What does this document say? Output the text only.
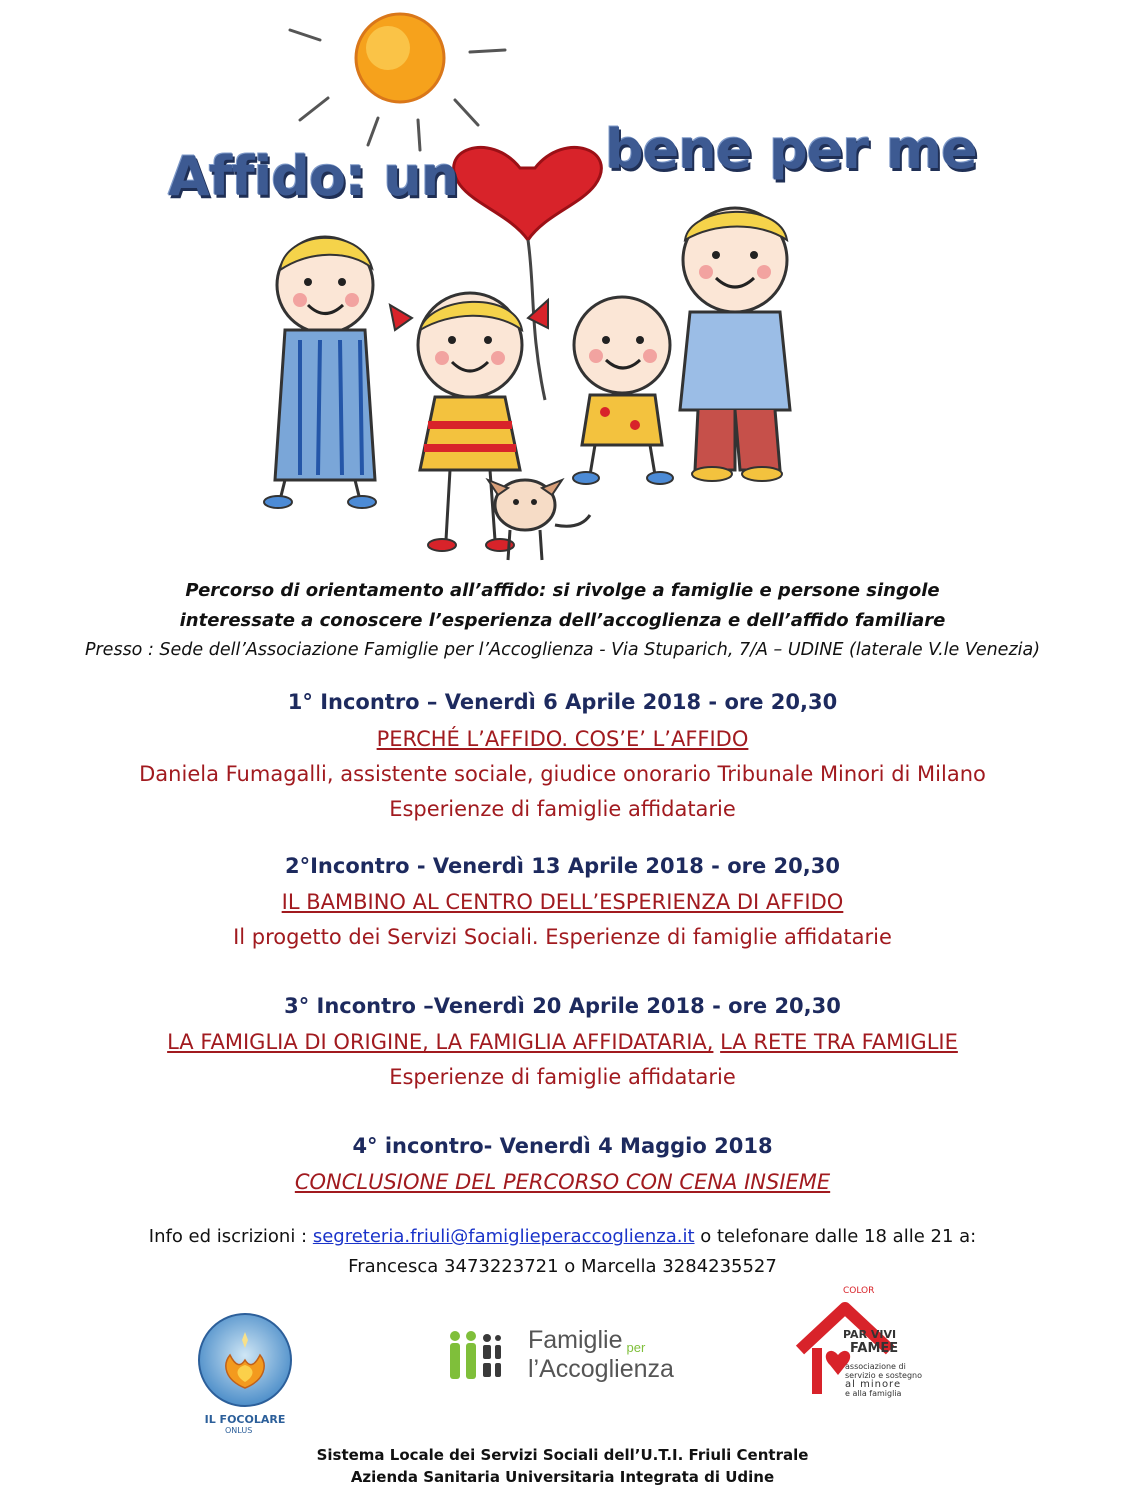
Affido: un	bene per me
Percorso di orientamento all’affido: si rivolge a famiglie e persone singole
interessate a conoscere l’esperienza dell’accoglienza e dell’affido familiare
Presso : Sede dell’Associazione Famiglie per l’Accoglienza - Via Stuparich, 7/A – UDINE (laterale V.le Venezia)
1° Incontro – Venerdì 6 Aprile 2018 - ore 20,30
PERCHÉ L’AFFIDO. COS’E’ L’AFFIDO
Daniela Fumagalli, assistente sociale, giudice onorario Tribunale Minori di Milano
Esperienze di famiglie affidatarie
2°Incontro - Venerdì 13 Aprile 2018 - ore 20,30
IL BAMBINO AL CENTRO DELL’ESPERIENZA DI AFFIDO
Il progetto dei Servizi Sociali. Esperienze di famiglie affidatarie
3° Incontro –Venerdì 20 Aprile 2018 - ore 20,30
LA FAMIGLIA DI ORIGINE, LA FAMIGLIA AFFIDATARIA, LA RETE TRA FAMIGLIE
Esperienze di famiglie affidatarie
4° incontro- Venerdì 4 Maggio 2018
CONCLUSIONE DEL PERCORSO CON CENA INSIEME
Info ed iscrizioni : segreteria.friuli@famiglieperaccoglienza.it o telefonare dalle 18 alle 21 a:
Francesca 3473223721 o Marcella 3284235527
IL FOCOLARE
ONLUS
Famiglie per
l’Accoglienza
COLOR
PAR VIVI
FAMEE
associazione di
servizio e sostegno
al minore
e alla famiglia
Sistema Locale dei Servizi Sociali dell’U.T.I. Friuli Centrale
Azienda Sanitaria Universitaria Integrata di Udine
